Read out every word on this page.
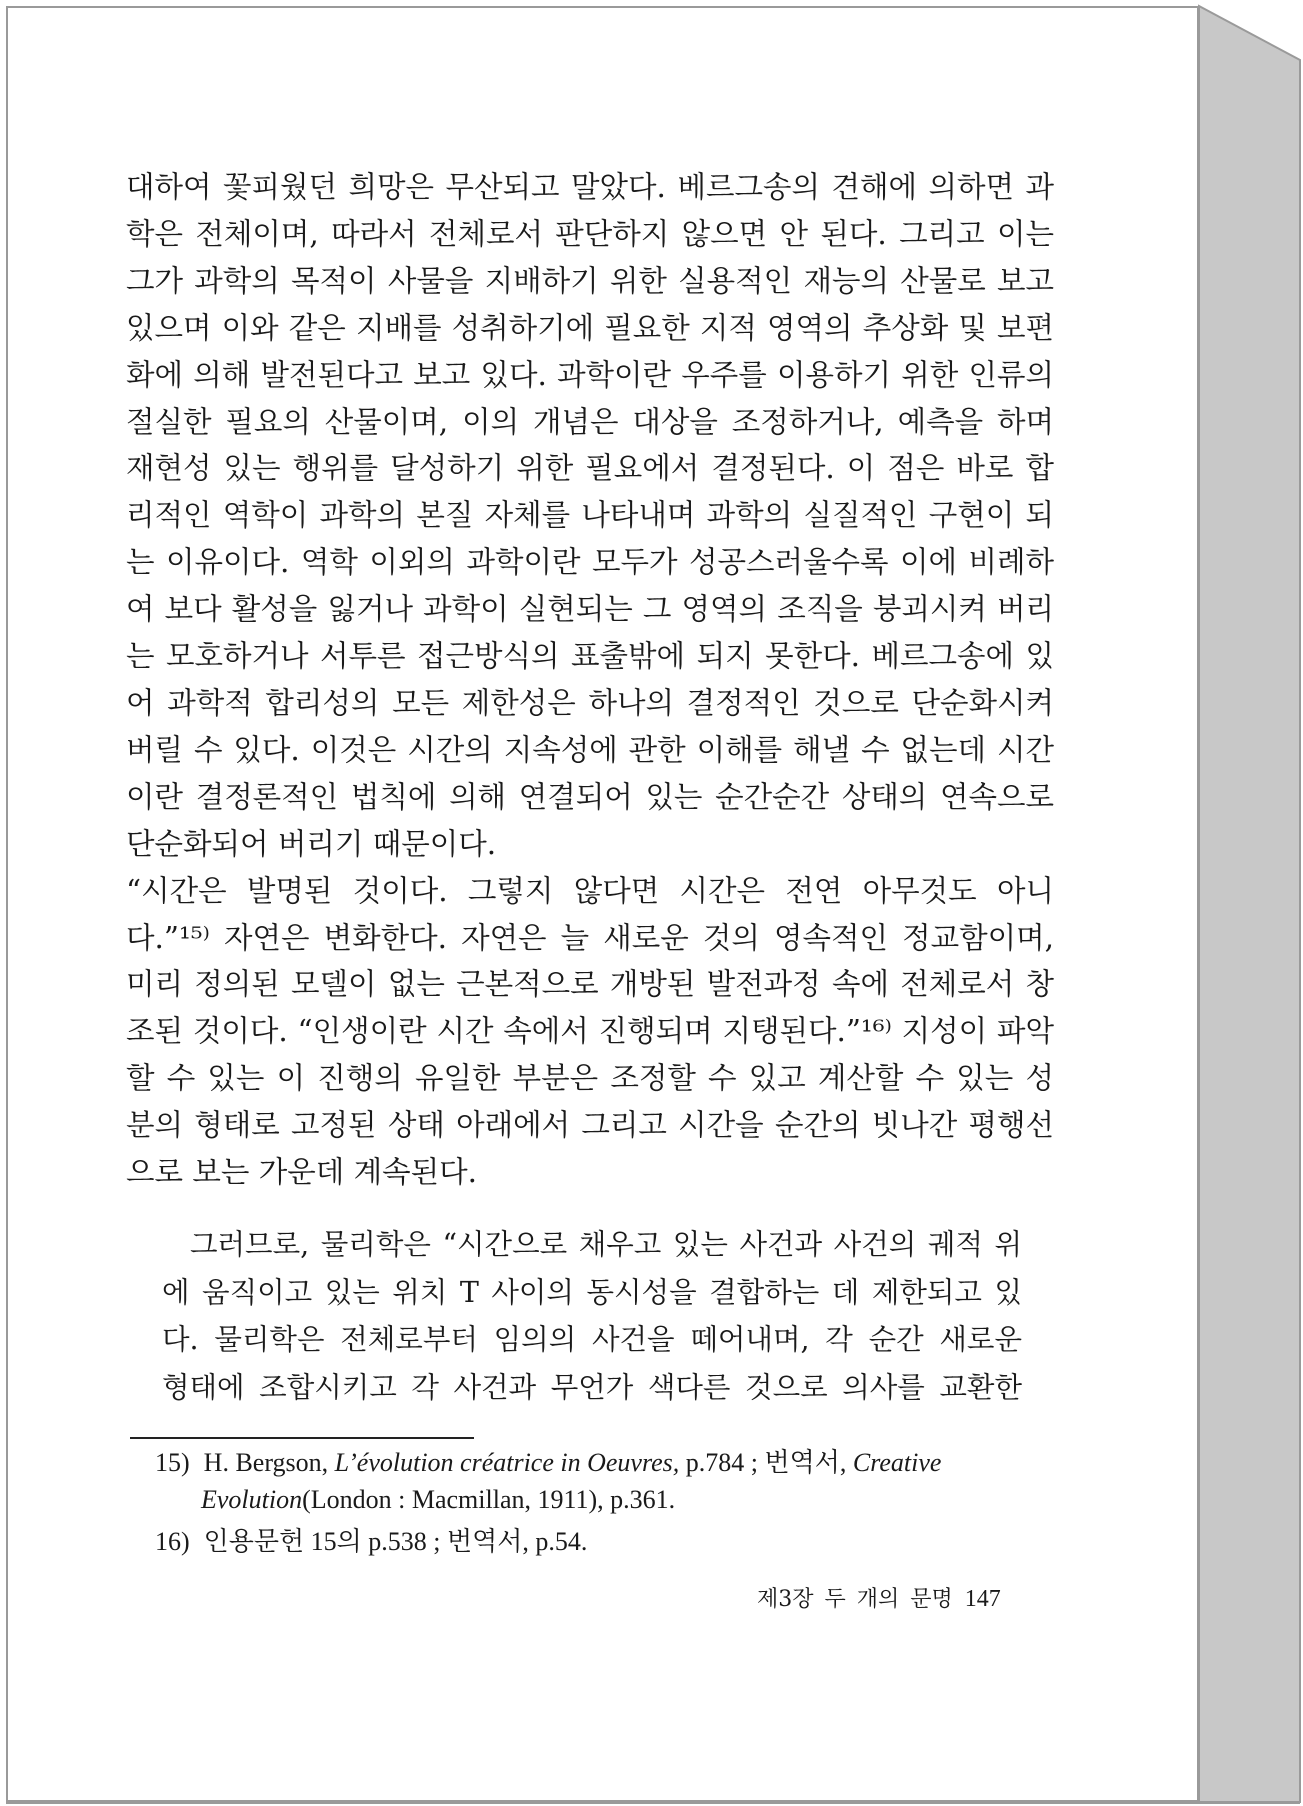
대하여 꽃피웠던 희망은 무산되고 말았다. 베르그송의 견해에 의하면 과
학은 전체이며, 따라서 전체로서 판단하지 않으면 안 된다. 그리고 이는
그가 과학의 목적이 사물을 지배하기 위한 실용적인 재능의 산물로 보고
있으며 이와 같은 지배를 성취하기에 필요한 지적 영역의 추상화 및 보편
화에 의해 발전된다고 보고 있다. 과학이란 우주를 이용하기 위한 인류의
절실한 필요의 산물이며, 이의 개념은 대상을 조정하거나, 예측을 하며
재현성 있는 행위를 달성하기 위한 필요에서 결정된다. 이 점은 바로 합
리적인 역학이 과학의 본질 자체를 나타내며 과학의 실질적인 구현이 되
는 이유이다. 역학 이외의 과학이란 모두가 성공스러울수록 이에 비례하
여 보다 활성을 잃거나 과학이 실현되는 그 영역의 조직을 붕괴시켜 버리
는 모호하거나 서투른 접근방식의 표출밖에 되지 못한다. 베르그송에 있
어 과학적 합리성의 모든 제한성은 하나의 결정적인 것으로 단순화시켜
버릴 수 있다. 이것은 시간의 지속성에 관한 이해를 해낼 수 없는데 시간
이란 결정론적인 법칙에 의해 연결되어 있는 순간순간 상태의 연속으로
단순화되어 버리기 때문이다.
“시간은 발명된 것이다. 그렇지 않다면 시간은 전연 아무것도 아니
다.”¹⁵⁾ 자연은 변화한다. 자연은 늘 새로운 것의 영속적인 정교함이며,
미리 정의된 모델이 없는 근본적으로 개방된 발전과정 속에 전체로서 창
조된 것이다. “인생이란 시간 속에서 진행되며 지탱된다.”¹⁶⁾ 지성이 파악
할 수 있는 이 진행의 유일한 부분은 조정할 수 있고 계산할 수 있는 성
분의 형태로 고정된 상태 아래에서 그리고 시간을 순간의 빗나간 평행선
으로 보는 가운데 계속된다.
그러므로, 물리학은 “시간으로 채우고 있는 사건과 사건의 궤적 위
에 움직이고 있는 위치 T 사이의 동시성을 결합하는 데 제한되고 있
다. 물리학은 전체로부터 임의의 사건을 떼어내며, 각 순간 새로운
형태에 조합시키고 각 사건과 무언가 색다른 것으로 의사를 교환한
15) H. Bergson, L’évolution créatrice in Oeuvres, p.784 ; 번역서, Creative
Evolution(London : Macmillan, 1911), p.361.
16) 인용문헌 15의 p.538 ; 번역서, p.54.
제3장 두 개의 문명 147
